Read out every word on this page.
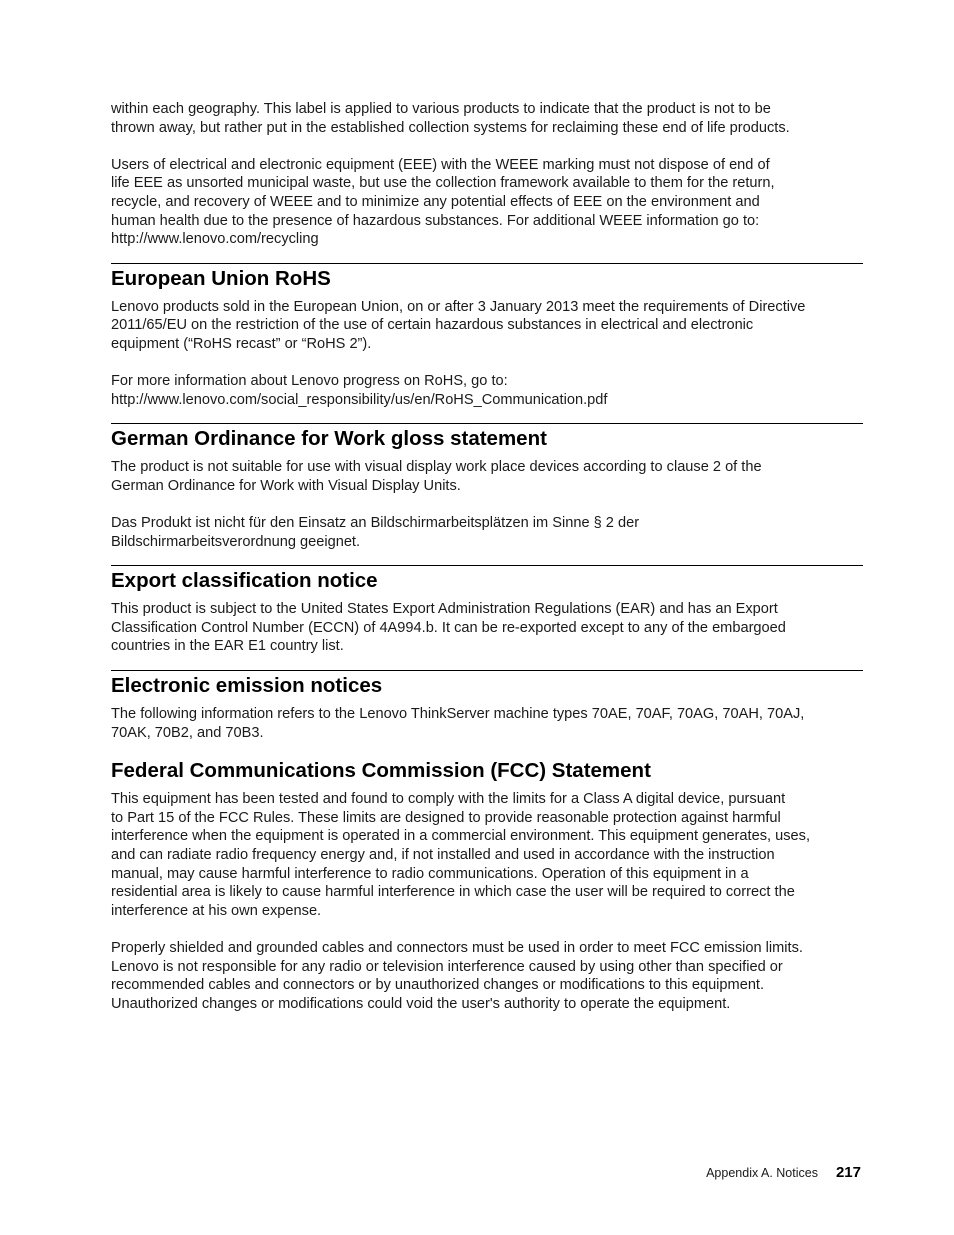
within each geography. This label is applied to various products to indicate that the product is not to be
thrown away, but rather put in the established collection systems for reclaiming these end of life products.

Users of electrical and electronic equipment (EEE) with the WEEE marking must not dispose of end of
life EEE as unsorted municipal waste, but use the collection framework available to them for the return,
recycle, and recovery of WEEE and to minimize any potential effects of EEE on the environment and
human health due to the presence of hazardous substances. For additional WEEE information go to:
http://www.lenovo.com/recycling

European Union RoHS

Lenovo products sold in the European Union, on or after 3 January 2013 meet the requirements of Directive
2011/65/EU on the restriction of the use of certain hazardous substances in electrical and electronic
equipment (“RoHS recast” or “RoHS 2”).

For more information about Lenovo progress on RoHS, go to:
http://www.lenovo.com/social_responsibility/us/en/RoHS_Communication.pdf

German Ordinance for Work gloss statement

The product is not suitable for use with visual display work place devices according to clause 2 of the
German Ordinance for Work with Visual Display Units.

Das Produkt ist nicht für den Einsatz an Bildschirmarbeitsplätzen im Sinne § 2 der
Bildschirmarbeitsverordnung geeignet.

Export classification notice

This product is subject to the United States Export Administration Regulations (EAR) and has an Export
Classification Control Number (ECCN) of 4A994.b. It can be re-exported except to any of the embargoed
countries in the EAR E1 country list.

Electronic emission notices

The following information refers to the Lenovo ThinkServer machine types 70AE, 70AF, 70AG, 70AH, 70AJ,
70AK, 70B2, and 70B3.

Federal Communications Commission (FCC) Statement

This equipment has been tested and found to comply with the limits for a Class A digital device, pursuant
to Part 15 of the FCC Rules. These limits are designed to provide reasonable protection against harmful
interference when the equipment is operated in a commercial environment. This equipment generates, uses,
and can radiate radio frequency energy and, if not installed and used in accordance with the instruction
manual, may cause harmful interference to radio communications. Operation of this equipment in a
residential area is likely to cause harmful interference in which case the user will be required to correct the
interference at his own expense.

Properly shielded and grounded cables and connectors must be used in order to meet FCC emission limits.
Lenovo is not responsible for any radio or television interference caused by using other than specified or
recommended cables and connectors or by unauthorized changes or modifications to this equipment.
Unauthorized changes or modifications could void the user's authority to operate the equipment.

Appendix A. Notices 217
